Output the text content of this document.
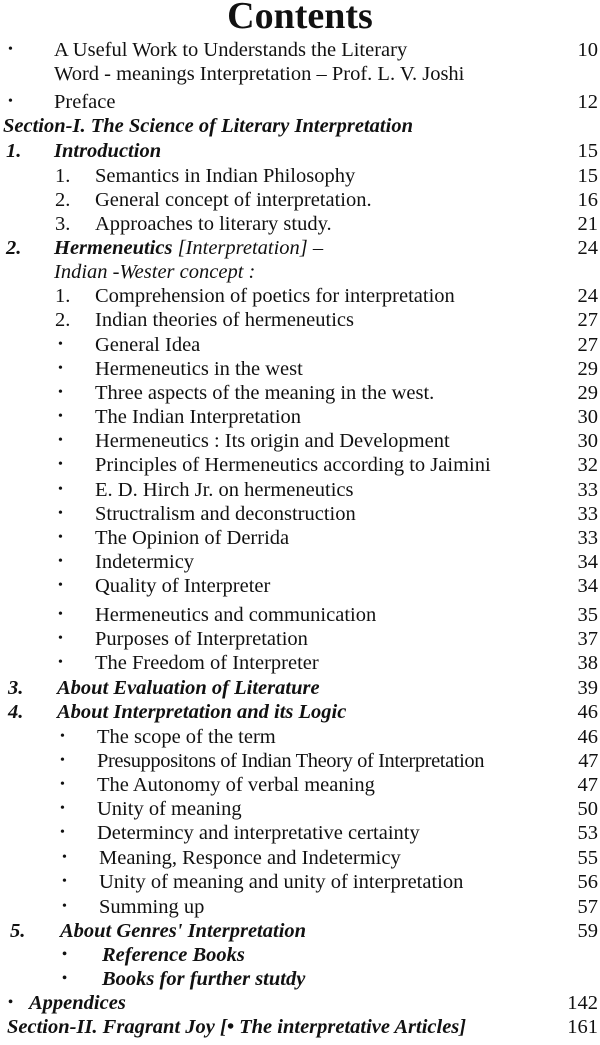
Contents
• A Useful Work to Understands the Literary	10
Word - meanings Interpretation – Prof. L. V. Joshi
• Preface	12
Section-I. The Science of Literary Interpretation
1. Introduction	15
1. Semantics in Indian Philosophy	15
2. General concept of interpretation.	16
3. Approaches to literary study.	21
2. Hermeneutics [Interpretation] –	24
Indian -Wester concept :
1. Comprehension of poetics for interpretation	24
2. Indian theories of hermeneutics	27
• General Idea	27
• Hermeneutics in the west	29
• Three aspects of the meaning in the west.	29
• The Indian Interpretation	30
• Hermeneutics : Its origin and Development	30
• Principles of Hermeneutics according to Jaimini	32
• E. D. Hirch Jr. on hermeneutics	33
• Structralism and deconstruction	33
• The Opinion of Derrida	33
• Indetermicy	34
• Quality of Interpreter	34
• Hermeneutics and communication	35
• Purposes of Interpretation	37
• The Freedom of Interpreter	38
3. About Evaluation of Literature	39
4. About Interpretation and its Logic	46
• The scope of the term	46
• Presuppositons of Indian Theory of Interpretation	47
• The Autonomy of verbal meaning	47
• Unity of meaning	50
• Determincy and interpretative certainty	53
• Meaning, Responce and Indetermicy	55
• Unity of meaning and unity of interpretation	56
• Summing up	57
5. About Genres' Interpretation	59
• Reference Books
• Books for further stutdy
• Appendices	142
Section-II. Fragrant Joy [• The interpretative Articles]	161
